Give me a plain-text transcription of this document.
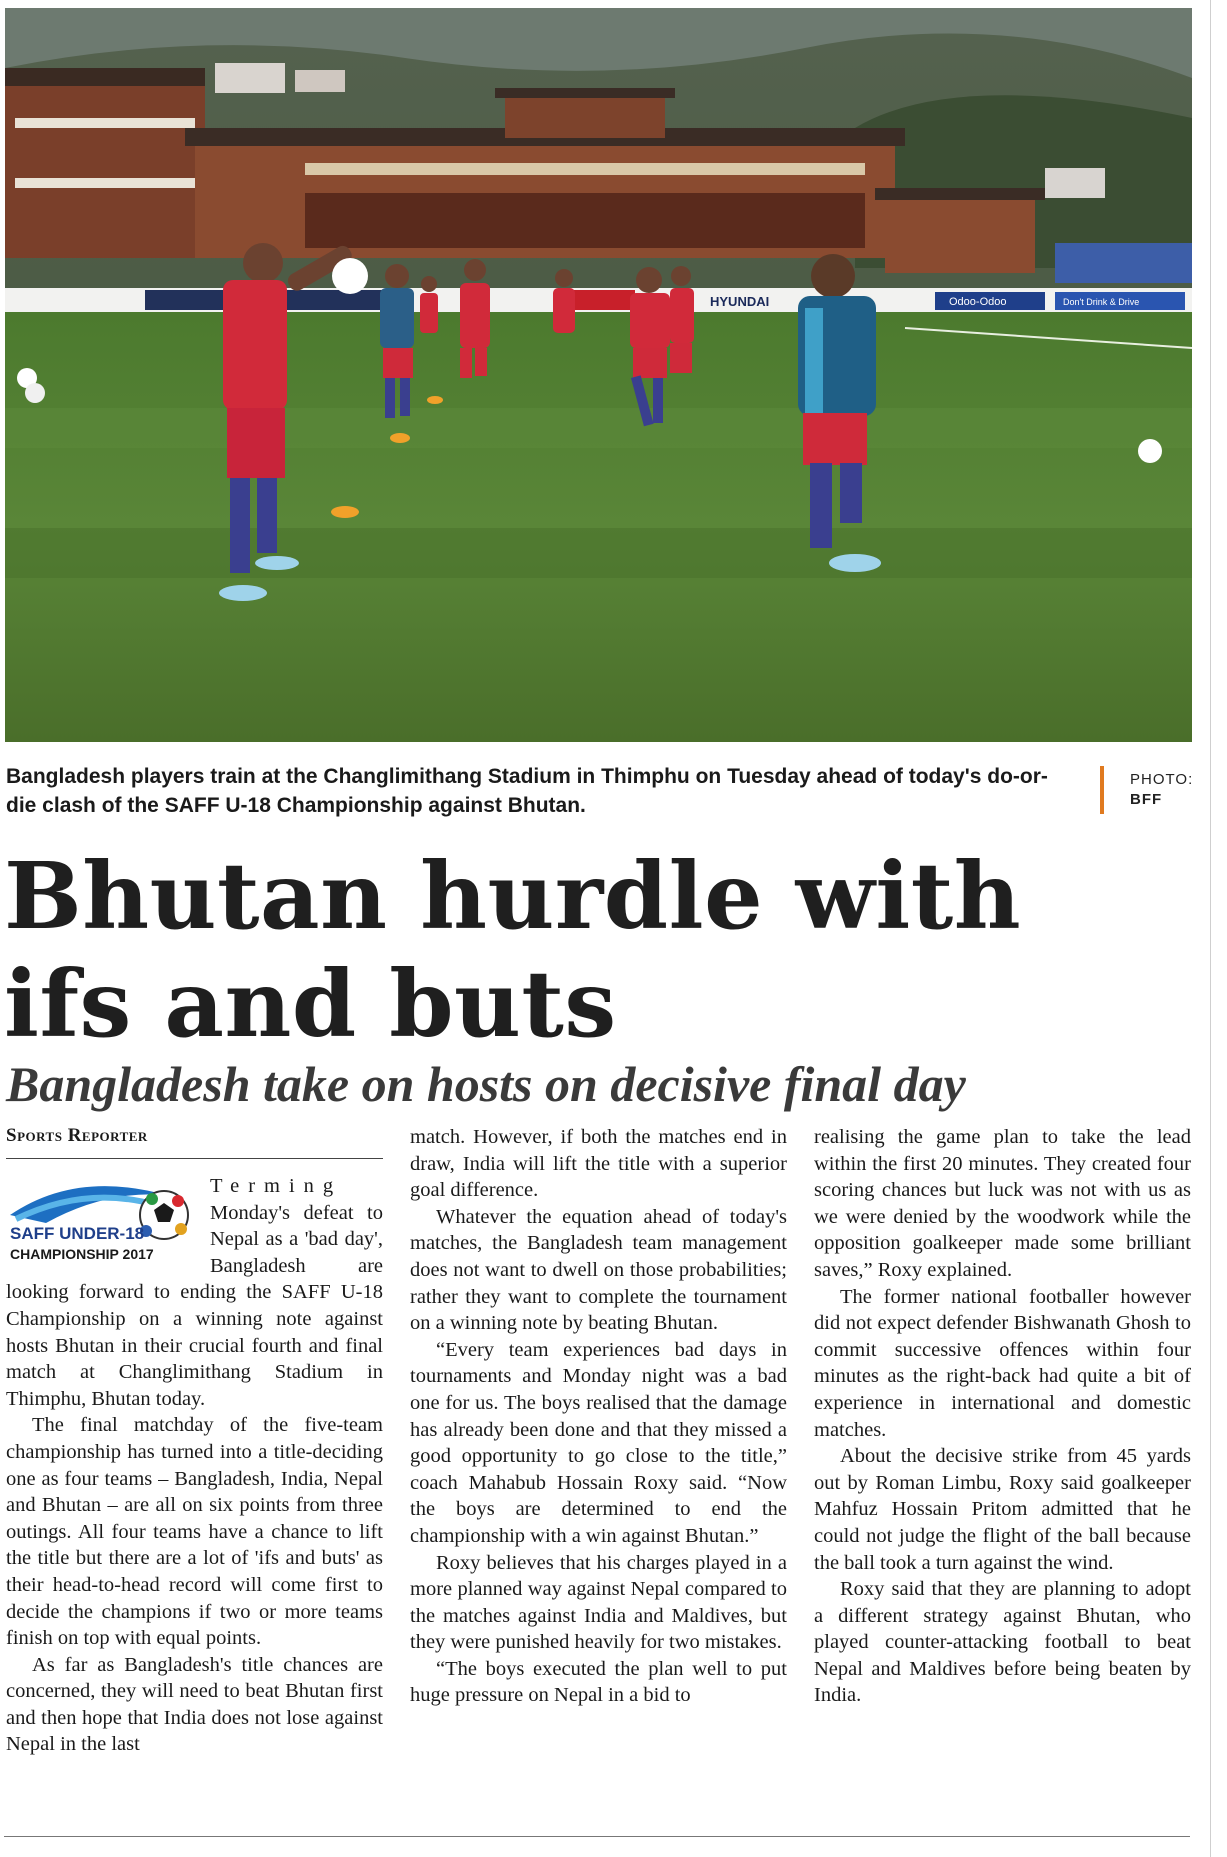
HYUNDAI	Odoo-Odoo	Don't Drink & Drive
Bangladesh players train at the Changlimithang Stadium in Thimphu on Tuesday ahead of today's do-or-die clash of the SAFF U-18 Championship against Bhutan.
PHOTO:
BFF
Bhutan hurdle with
ifs and buts
Bangladesh take on hosts on decisive final day
Sports Reporter
SAFF UNDER-18
CHAMPIONSHIP 2017

Terming Monday's defeat to Nepal as a 'bad day', Bangladesh are looking forward to ending the SAFF U-18 Championship on a winning note against hosts Bhutan in their crucial fourth and final match at Changlimithang Stadium in Thimphu, Bhutan today.

The final matchday of the five-team championship has turned into a title-deciding one as four teams – Bangladesh, India, Nepal and Bhutan – are all on six points from three outings. All four teams have a chance to lift the title but there are a lot of 'ifs and buts' as their head-to-head record will come first to decide the champions if two or more teams finish on top with equal points.

As far as Bangladesh's title chances are concerned, they will need to beat Bhutan first and then hope that India does not lose against Nepal in the last

match. However, if both the matches end in draw, India will lift the title with a superior goal difference.

Whatever the equation ahead of today's matches, the Bangladesh team management does not want to dwell on those probabilities; rather they want to complete the tournament on a winning note by beating Bhutan.

“Every team experiences bad days in tournaments and Monday night was a bad one for us. The boys realised that the damage has already been done and that they missed a good opportunity to go close to the title,” coach Mahabub Hossain Roxy said. “Now the boys are determined to end the championship with a win against Bhutan.”

Roxy believes that his charges played in a more planned way against Nepal compared to the matches against India and Maldives, but they were punished heavily for two mistakes.

“The boys executed the plan well to put huge pressure on Nepal in a bid to

realising the game plan to take the lead within the first 20 minutes. They created four scoring chances but luck was not with us as we were denied by the woodwork while the opposition goalkeeper made some brilliant saves,” Roxy explained.

The former national footballer however did not expect defender Bishwanath Ghosh to commit successive offences within four minutes as the right-back had quite a bit of experience in international and domestic matches.

About the decisive strike from 45 yards out by Roman Limbu, Roxy said goalkeeper Mahfuz Hossain Pritom admitted that he could not judge the flight of the ball because the ball took a turn against the wind.

Roxy said that they are planning to adopt a different strategy against Bhutan, who played counter-attacking football to beat Nepal and Maldives before being beaten by India.
